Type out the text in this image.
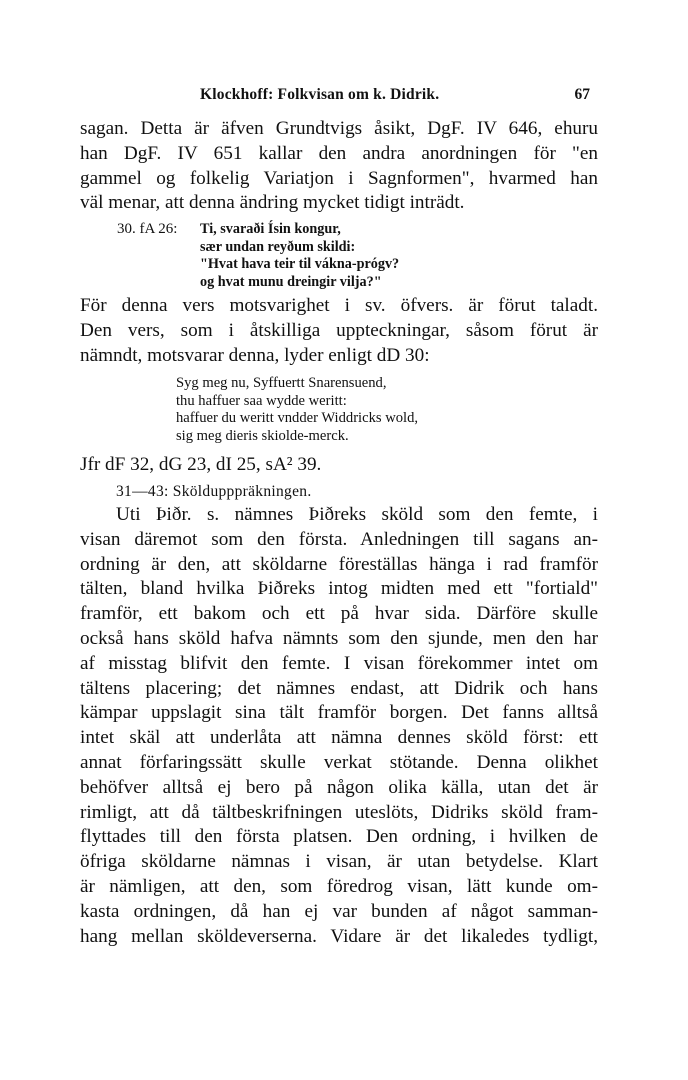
Klockhoff: Folkvisan om k. Didrik.	67
sagan. Detta är äfven Grundtvigs åsikt, DgF. IV 646, ehuru
han DgF. IV 651 kallar den andra anordningen för "en
gammel og folkelig Variatjon i Sagnformen", hvarmed han
väl menar, att denna ändring mycket tidigt inträdt.
30. fA 26: Ti, svaraði Ísin kongur,
sær undan reyðum skildi:
"Hvat hava teir til vákna-prógv?
og hvat munu dreingir vilja?"
För denna vers motsvarighet i sv. öfvers. är förut taladt.
Den vers, som i åtskilliga uppteckningar, såsom förut är
nämndt, motsvarar denna, lyder enligt dD 30:
Syg meg nu, Syffuertt Snarensuend,
thu haffuer saa wydde weritt:
haffuer du weritt vndder Widdricks wold,
sig meg dieris skiolde-merck.
Jfr dF 32, dG 23, dI 25, sA² 39.
31—43: Sköldupppräkningen.
Uti Þiðr. s. nämnes Þiðreks sköld som den femte, i
visan däremot som den första. Anledningen till sagans an-
ordning är den, att sköldarne föreställas hänga i rad framför
tälten, bland hvilka Þiðreks intog midten med ett "fortiald"
framför, ett bakom och ett på hvar sida. Därföre skulle
också hans sköld hafva nämnts som den sjunde, men den har
af misstag blifvit den femte. I visan förekommer intet om
tältens placering; det nämnes endast, att Didrik och hans
kämpar uppslagit sina tält framför borgen. Det fanns alltså
intet skäl att underlåta att nämna dennes sköld först: ett
annat förfaringssätt skulle verkat stötande. Denna olikhet
behöfver alltså ej bero på någon olika källa, utan det är
rimligt, att då tältbeskrifningen uteslöts, Didriks sköld fram-
flyttades till den första platsen. Den ordning, i hvilken de
öfriga sköldarne nämnas i visan, är utan betydelse. Klart
är nämligen, att den, som föredrog visan, lätt kunde om-
kasta ordningen, då han ej var bunden af något samman-
hang mellan sköldeverserna. Vidare är det likaledes tydligt,
